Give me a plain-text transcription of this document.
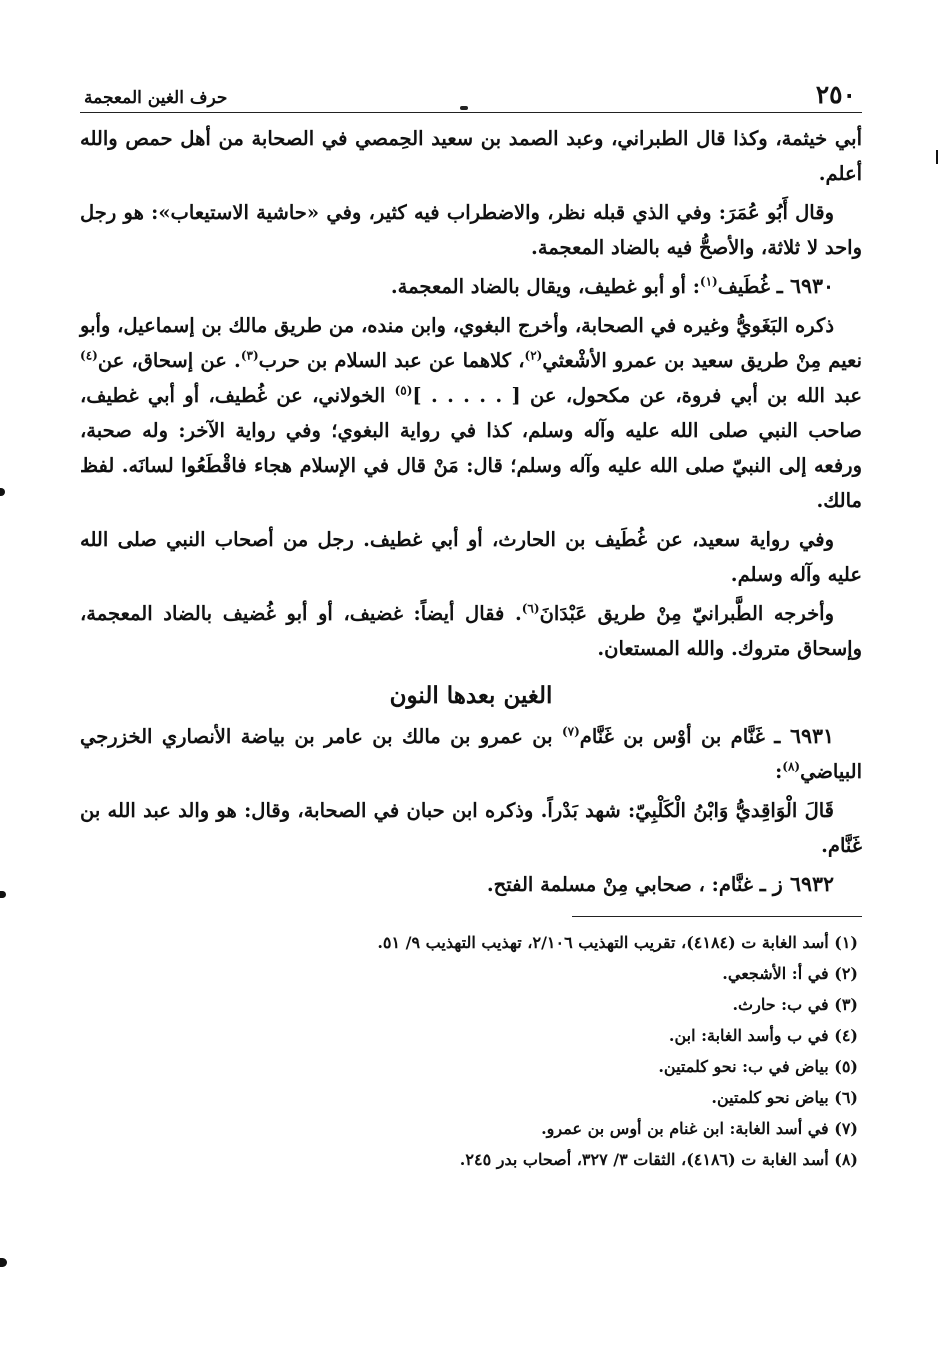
٢٥٠
حرف الغين المعجمة

أبي خيثمة، وكذا قال الطبراني، وعبد الصمد بن سعيد الحِمصي في الصحابة من أهل حمص والله أعلم.

وقال أَبُو عُمَرَ: وفي الذي قبله نظر، والاضطراب فيه كثير، وفي «حاشية الاستيعاب»: هو رجل واحد لا ثلاثة، والأصحُّ فيه بالضاد المعجمة.

٦٩٣٠ ـ غُطَيف$^{(١)}$: أو أبو غطيف، ويقال بالضاد المعجمة.

ذكره البَغَويُّ وغيره في الصحابة، وأخرج البغوي، وابن منده، من طريق مالك بن إسماعيل، وأبو نعيم مِنْ طريق سعيد بن عمرو الأشْعثي$^{(٢)}$، كلاهما عن عبد السلام بن حرب$^{(٣)}$. عن إسحاق، عن$^{(٤)}$ عبد الله بن أبي فروة، عن مكحول، عن [ . . . . . ]$^{(٥)}$ الخولاني، عن غُطيف، أو أبي غطيف، صاحب النبي صلى الله عليه وآله وسلم، كذا في رواية البغوي؛ وفي رواية الآخر: وله صحبة، ورفعه إلى النبيّ صلى الله عليه وآله وسلم؛ قال: مَنْ قال في الإسلام هجاء فاقْطَعُوا لسانَه. لفظ مالك.

وفي رواية سعيد، عن غُطَيف بن الحارث، أو أبي غطيف. رجل من أصحاب النبي صلى الله عليه وآله وسلم.

وأخرجه الطَّبرانيّ مِنْ طريق عَبْدَانَ$^{(٦)}$. فقال أيضاً: غضيف، أو أبو غُضيف بالضاد المعجمة، وإسحاق متروك. والله المستعان.

الغين بعدها النون

٦٩٣١ ـ غَنَّام بن أوْس بن غَنَّام$^{(٧)}$ بن عمرو بن مالك بن عامر بن بياضة الأنصاري الخزرجي البياضي$^{(٨)}$:

قَالَ الْوَاقِديُّ وَابْنُ الْكَلْبِيّ: شهد بَدْراً. وذكره ابن حبان في الصحابة، وقال: هو والد عبد الله بن غَنَّام.

٦٩٣٢ ز ـ غنَّام: ، صحابي مِنْ مسلمة الفتح.

(١) أسد الغابة ت (٤١٨٤)، تقريب التهذيب ٢/١٠٦، تهذيب التهذيب ٩/ ٥١.

(٢) في أ: الأشجعي.

(٣) في ب: حارث.

(٤) في ب وأسد الغابة: ابن.

(٥) بياض في ب: نحو كلمتين.

(٦) بياض نحو كلمتين.

(٧) في أسد الغابة: ابن غنام بن أوس بن عمرو.

(٨) أسد الغابة ت (٤١٨٦)، الثقات ٣/ ٣٢٧، أصحاب بدر ٢٤٥.
